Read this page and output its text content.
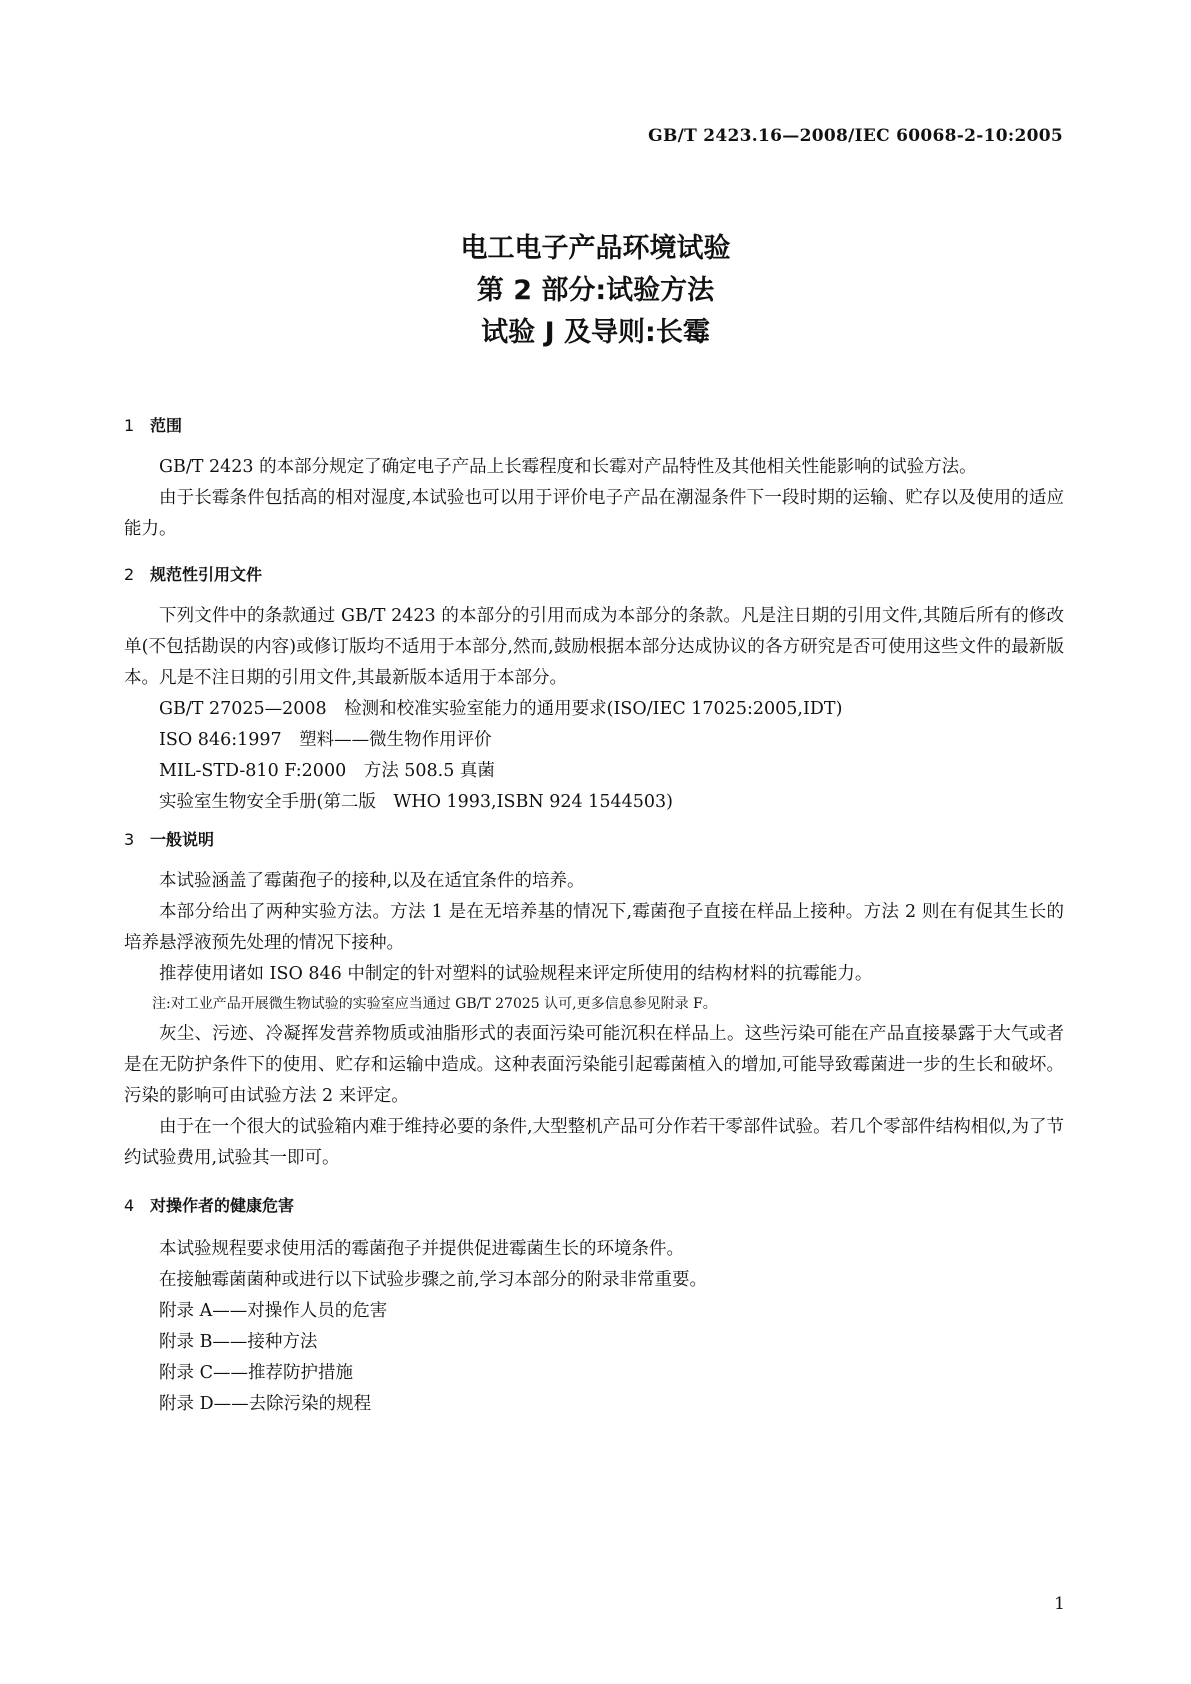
GB/T 2423.16—2008/IEC 60068-2-10:2005
电工电子产品环境试验
第 2 部分:试验方法
试验 J 及导则:长霉
1 范围

GB/T 2423 的本部分规定了确定电子产品上长霉程度和长霉对产品特性及其他相关性能影响的试验方法。

由于长霉条件包括高的相对湿度,本试验也可以用于评价电子产品在潮湿条件下一段时期的运输、贮存以及使用的适应能力。

2 规范性引用文件

下列文件中的条款通过 GB/T 2423 的本部分的引用而成为本部分的条款。凡是注日期的引用文件,其随后所有的修改单(不包括勘误的内容)或修订版均不适用于本部分,然而,鼓励根据本部分达成协议的各方研究是否可使用这些文件的最新版本。凡是不注日期的引用文件,其最新版本适用于本部分。

GB/T 27025—2008　检测和校准实验室能力的通用要求(ISO/IEC 17025:2005,IDT)

ISO 846:1997　塑料——微生物作用评价

MIL-STD-810 F:2000　方法 508.5 真菌

实验室生物安全手册(第二版　WHO 1993,ISBN 924 1544503)

3 一般说明

本试验涵盖了霉菌孢子的接种,以及在适宜条件的培养。

本部分给出了两种实验方法。方法 1 是在无培养基的情况下,霉菌孢子直接在样品上接种。方法 2 则在有促其生长的培养悬浮液预先处理的情况下接种。

推荐使用诸如 ISO 846 中制定的针对塑料的试验规程来评定所使用的结构材料的抗霉能力。

注:对工业产品开展微生物试验的实验室应当通过 GB/T 27025 认可,更多信息参见附录 F。

灰尘、污迹、冷凝挥发营养物质或油脂形式的表面污染可能沉积在样品上。这些污染可能在产品直接暴露于大气或者是在无防护条件下的使用、贮存和运输中造成。这种表面污染能引起霉菌植入的增加,可能导致霉菌进一步的生长和破坏。污染的影响可由试验方法 2 来评定。

由于在一个很大的试验箱内难于维持必要的条件,大型整机产品可分作若干零部件试验。若几个零部件结构相似,为了节约试验费用,试验其一即可。

4 对操作者的健康危害

本试验规程要求使用活的霉菌孢子并提供促进霉菌生长的环境条件。

在接触霉菌菌种或进行以下试验步骤之前,学习本部分的附录非常重要。

附录 A——对操作人员的危害

附录 B——接种方法

附录 C——推荐防护措施

附录 D——去除污染的规程

1
